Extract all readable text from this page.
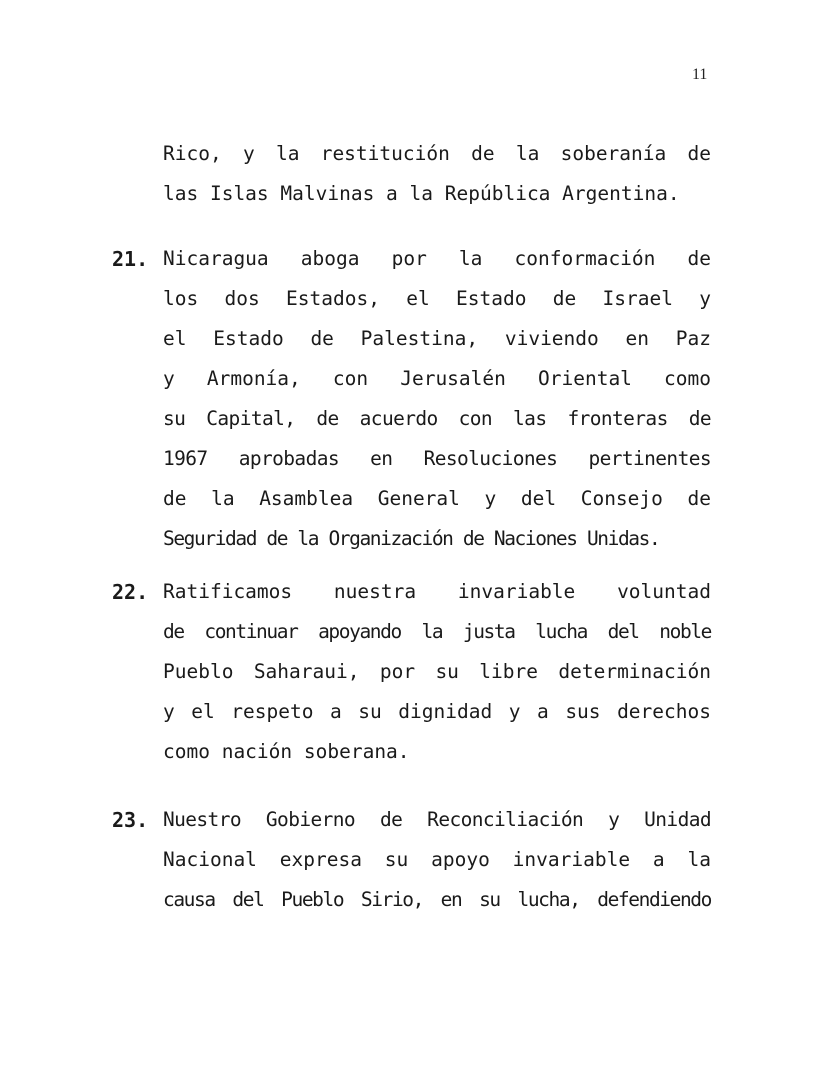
11
Rico, y la restitución de la soberanía de
las Islas Malvinas a la República Argentina.
21. Nicaragua aboga por la conformación de
los dos Estados, el Estado de Israel y
el Estado de Palestina, viviendo en Paz
y Armonía, con Jerusalén Oriental como
su Capital, de acuerdo con las fronteras de
1967 aprobadas en Resoluciones pertinentes
de la Asamblea General y del Consejo de
Seguridad de la Organización de Naciones Unidas.
22. Ratificamos nuestra invariable voluntad
de continuar apoyando la justa lucha del noble
Pueblo Saharaui, por su libre determinación
y el respeto a su dignidad y a sus derechos
como nación soberana.
23. Nuestro Gobierno de Reconciliación y Unidad
Nacional expresa su apoyo invariable a la
causa del Pueblo Sirio, en su lucha, defendiendo
